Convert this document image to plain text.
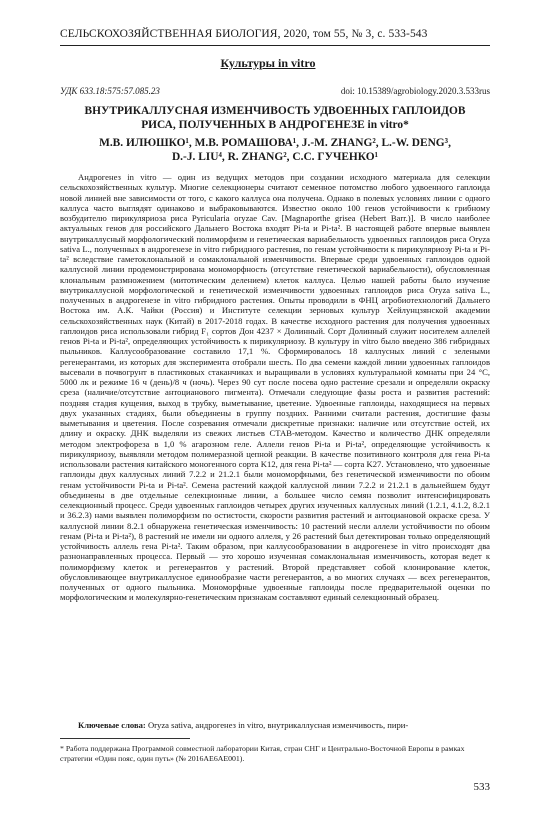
СЕЛЬСКОХОЗЯЙСТВЕННАЯ БИОЛОГИЯ, 2020, том 55, № 3, с. 533-543
Культуры in vitro
УДК 633.18:575:57.085.23	doi: 10.15389/agrobiology.2020.3.533rus
ВНУТРИКАЛЛУСНАЯ ИЗМЕНЧИВОСТЬ УДВОЕННЫХ ГАПЛОИДОВ
РИСА, ПОЛУЧЕННЫХ В АНДРОГЕНЕЗЕ in vitro*
М.В. ИЛЮШКО¹, М.В. РОМАШОВА¹, J.-M. ZHANG², L.-W. DENG³,
D.-J. LIU⁴, R. ZHANG², С.С. ГУЧЕНКО¹

Андрогенез in vitro — один из ведущих методов при создании исходного материала для селекции сельскохозяйственных культур. Многие селекционеры считают семенное потомство любого удвоенного гаплоида новой линией вне зависимости от того, с какого каллуса она получена. Однако в полевых условиях линии с одного каллуса часто выглядят одинаково и выбраковываются. Известно около 100 генов устойчивости к грибному возбудителю пирикуляриоза риса Pyricularia oryzae Cav. [Magnaporthe grisea (Hebert Barr.)]. В число наиболее актуальных генов для российского Дальнего Востока входят Pi-ta и Pi-ta². В настоящей работе впервые выявлен внутрикаллусный морфологический полиморфизм и генетическая вариабельность удвоенных гаплоидов риса Oryza sativa L., полученных в андрогенезе in vitro гибридного растения, по генам устойчивости к пирикуляриозу Pi-ta и Pi-ta² вследствие гаметоклональной и сомаклональной изменчивости. Впервые среди удвоенных гаплоидов одной каллусной линии продемонстрирована мономорфность (отсутствие генетической вариабельности), обусловленная клональным размножением (митотическим делением) клеток каллуса. Целью нашей работы было изучение внутрикаллусной морфологической и генетической изменчивости удвоенных гаплоидов риса Oryza sativa L., полученных в андрогенезе in vitro гибридного растения. Опыты проводили в ФНЦ агробиотехнологий Дальнего Востока им. А.К. Чайки (Россия) и Институте селекции зерновых культур Хейлунцзянской академии сельскохозяйственных наук (Китай) в 2017-2018 годах. В качестве исходного растения для получения удвоенных гаплоидов риса использовали гибрид F₁ сортов Дон 4237 × Долинный. Сорт Долинный служит носителем аллелей генов Pi-ta и Pi-ta², определяющих устойчивость к пирикуляриозу. В культуру in vitro было введено 386 гибридных пыльников. Каллусообразование составило 17,1 %. Сформировалось 18 каллусных линий с зелеными регенерантами, из которых для эксперимента отобрали шесть. По два семени каждой линии удвоенных гаплоидов высевали в почвогрунт в пластиковых стаканчиках и выращивали в условиях культуральной комнаты при 24 °С, 5000 лк и режиме 16 ч (день)/8 ч (ночь). Через 90 сут после посева одно растение срезали и определяли окраску среза (наличие/отсутствие антоцианового пигмента). Отмечали следующие фазы роста и развития растений: поздняя стадия кущения, выход в трубку, выметывание, цветение. Удвоенные гаплоиды, находящиеся на первых двух указанных стадиях, были объединены в группу поздних. Ранними считали растения, достигшие фазы выметывания и цветения. После созревания отмечали дискретные признаки: наличие или отсутствие остей, их длину и окраску. ДНК выделяли из свежих листьев СТАВ-методом. Качество и количество ДНК определяли методом электрофореза в 1,0 % агарозном геле. Аллели генов Pi-ta и Pi-ta², определяющие устойчивость к пирикуляриозу, выявляли методом полимеразной цепной реакции. В качестве позитивного контроля для гена Pi-ta использовали растения китайского моногенного сорта K12, для гена Pi-ta² — сорта K27. Установлено, что удвоенные гаплоиды двух каллусных линий 7.2.2 и 21.2.1 были мономорфными, без генетической изменчивости по обоим генам устойчивости Pi-ta и Pi-ta². Семена растений каждой каллусной линии 7.2.2 и 21.2.1 в дальнейшем будут объединены в две отдельные селекционные линии, а большее число семян позволит интенсифицировать селекционный процесс. Среди удвоенных гаплоидов четырех других изученных каллусных линий (1.2.1, 4.1.2, 8.2.1 и 36.2.3) нами выявлен полиморфизм по остистости, скорости развития растений и антоциановой окраске среза. У каллусной линии 8.2.1 обнаружена генетическая изменчивость: 10 растений несли аллели устойчивости по обоим генам (Pi-ta и Pi-ta²), 8 растений не имели ни одного аллеля, у 26 растений был детектирован только определяющий устойчивость аллель гена Pi-ta². Таким образом, при каллусообразовании в андрогенезе in vitro происходят два разнонаправленных процесса. Первый — это хорошо изученная сомаклональная изменчивость, которая ведет к полиморфизму клеток и регенерантов у растений. Второй представляет собой клонирование клеток, обусловливающее внутрикаллусное единообразие части регенерантов, а во многих случаях — всех регенерантов, полученных от одного пыльника. Мономорфные удвоенные гаплоиды после предварительной оценки по морфологическим и молекулярно-генетическим признакам составляют единый селекционный образец.

Ключевые слова: Oryza sativa, андрогенез in vitro, внутрикаллусная изменчивость, пири-
* Работа поддержана Программой совместной лаборатории Китая, стран СНГ и Центрально-Восточной Европы в рамках стратегии «Один пояс, один путь» (№ 2016AE6AE001).
533
